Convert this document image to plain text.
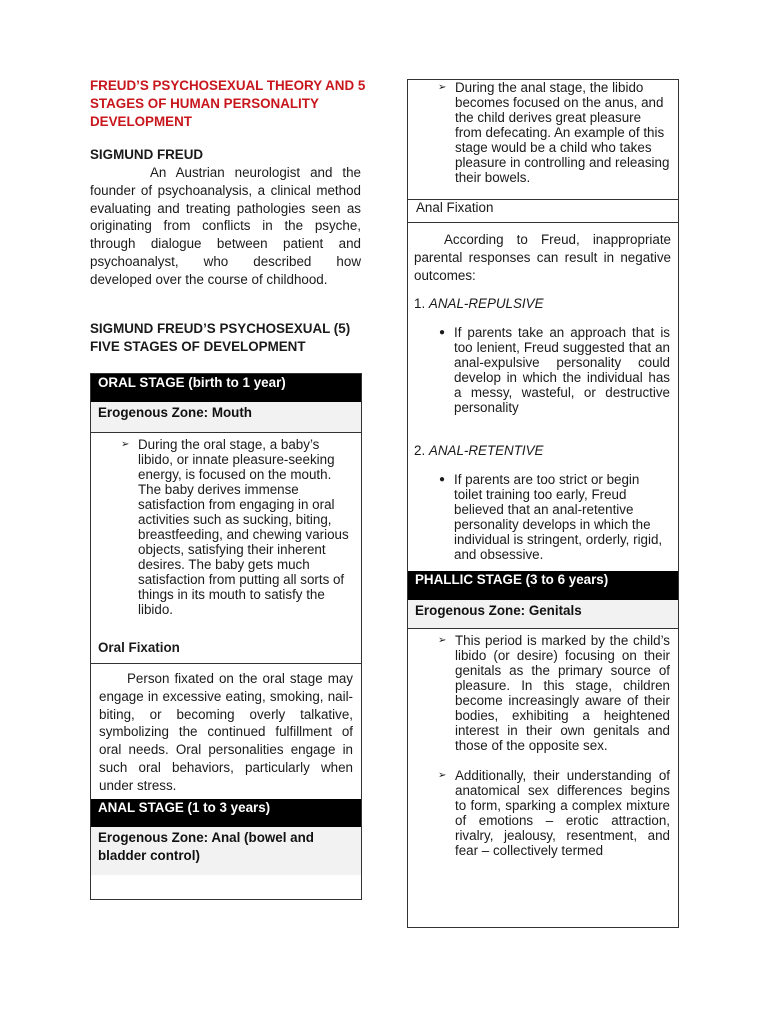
FREUD’S PSYCHOSEXUAL THEORY AND 5 STAGES OF HUMAN PERSONALITY DEVELOPMENT
SIGMUND FREUD
An Austrian neurologist and the founder of psychoanalysis, a clinical method evaluating and treating pathologies seen as originating from conflicts in the psyche, through dialogue between patient and psychoanalyst, who described how developed over the course of childhood.
SIGMUND FREUD’S PSYCHOSEXUAL (5) FIVE STAGES OF DEVELOPMENT
ORAL STAGE (birth to 1 year)
Erogenous Zone: Mouth
➢ During the oral stage, a baby’s libido, or innate pleasure-seeking energy, is focused on the mouth. The baby derives immense satisfaction from engaging in oral activities such as sucking, biting, breastfeeding, and chewing various objects, satisfying their inherent desires. The baby gets much satisfaction from putting all sorts of things in its mouth to satisfy the libido.
Oral Fixation
Person fixated on the oral stage may engage in excessive eating, smoking, nail-biting, or becoming overly talkative, symbolizing the continued fulfillment of oral needs. Oral personalities engage in such oral behaviors, particularly when under stress.
ANAL STAGE (1 to 3 years)
Erogenous Zone: Anal (bowel and bladder control)
➢ During the anal stage, the libido becomes focused on the anus, and the child derives great pleasure from defecating. An example of this stage would be a child who takes pleasure in controlling and releasing their bowels.
Anal Fixation
According to Freud, inappropriate parental responses can result in negative outcomes:
1. ANAL-REPULSIVE
● If parents take an approach that is too lenient, Freud suggested that an anal-expulsive personality could develop in which the individual has a messy, wasteful, or destructive personality
2. ANAL-RETENTIVE
● If parents are too strict or begin toilet training too early, Freud believed that an anal-retentive personality develops in which the individual is stringent, orderly, rigid, and obsessive.
PHALLIC STAGE (3 to 6 years)
Erogenous Zone: Genitals
➢ This period is marked by the child’s libido (or desire) focusing on their genitals as the primary source of pleasure. In this stage, children become increasingly aware of their bodies, exhibiting a heightened interest in their own genitals and those of the opposite sex.
➢ Additionally, their understanding of anatomical sex differences begins to form, sparking a complex mixture of emotions – erotic attraction, rivalry, jealousy, resentment, and fear – collectively termed
